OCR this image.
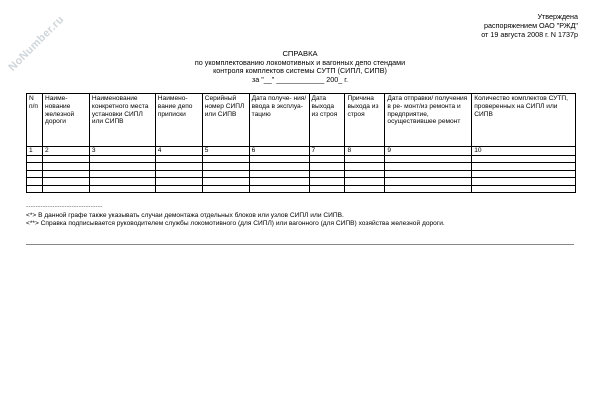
NoNumber.ru	Утверждена
распоряжением ОАО "РЖД"
от 19 августа 2008 г. N 1737р
СПРАВКА
по укомплектованию локомотивных и вагонных депо стендами
контроля комплектов системы СУТП (СИПЛ, СИПВ)
за "__" ____________ 200_ г.
N п/п	Наиме- нование железной дороги	Наименование конкретного места установки СИПЛ или СИПВ	Наимено- вание депо приписки	Серийный номер СИПЛ или СИПВ	Дата получе- ния/ввода в эксплуа- тацию	Дата выхода из строя	Причина выхода из строя	Дата отправки/ получения в ре- монт/из ремонта и предприятие, осуществившее ремонт	Количество комплектов СУТП, проверенных на СИПЛ или СИПВ
1	2	3	4	5	6	7	8	9	10

--------------------------------
<*> В данной графе также указывать случаи демонтажа отдельных блоков или узлов СИПЛ или СИПВ.
<**> Справка подписывается руководителем службы локомотивного (для СИПЛ) или вагонного (для СИПВ) хозяйства железной дороги.
